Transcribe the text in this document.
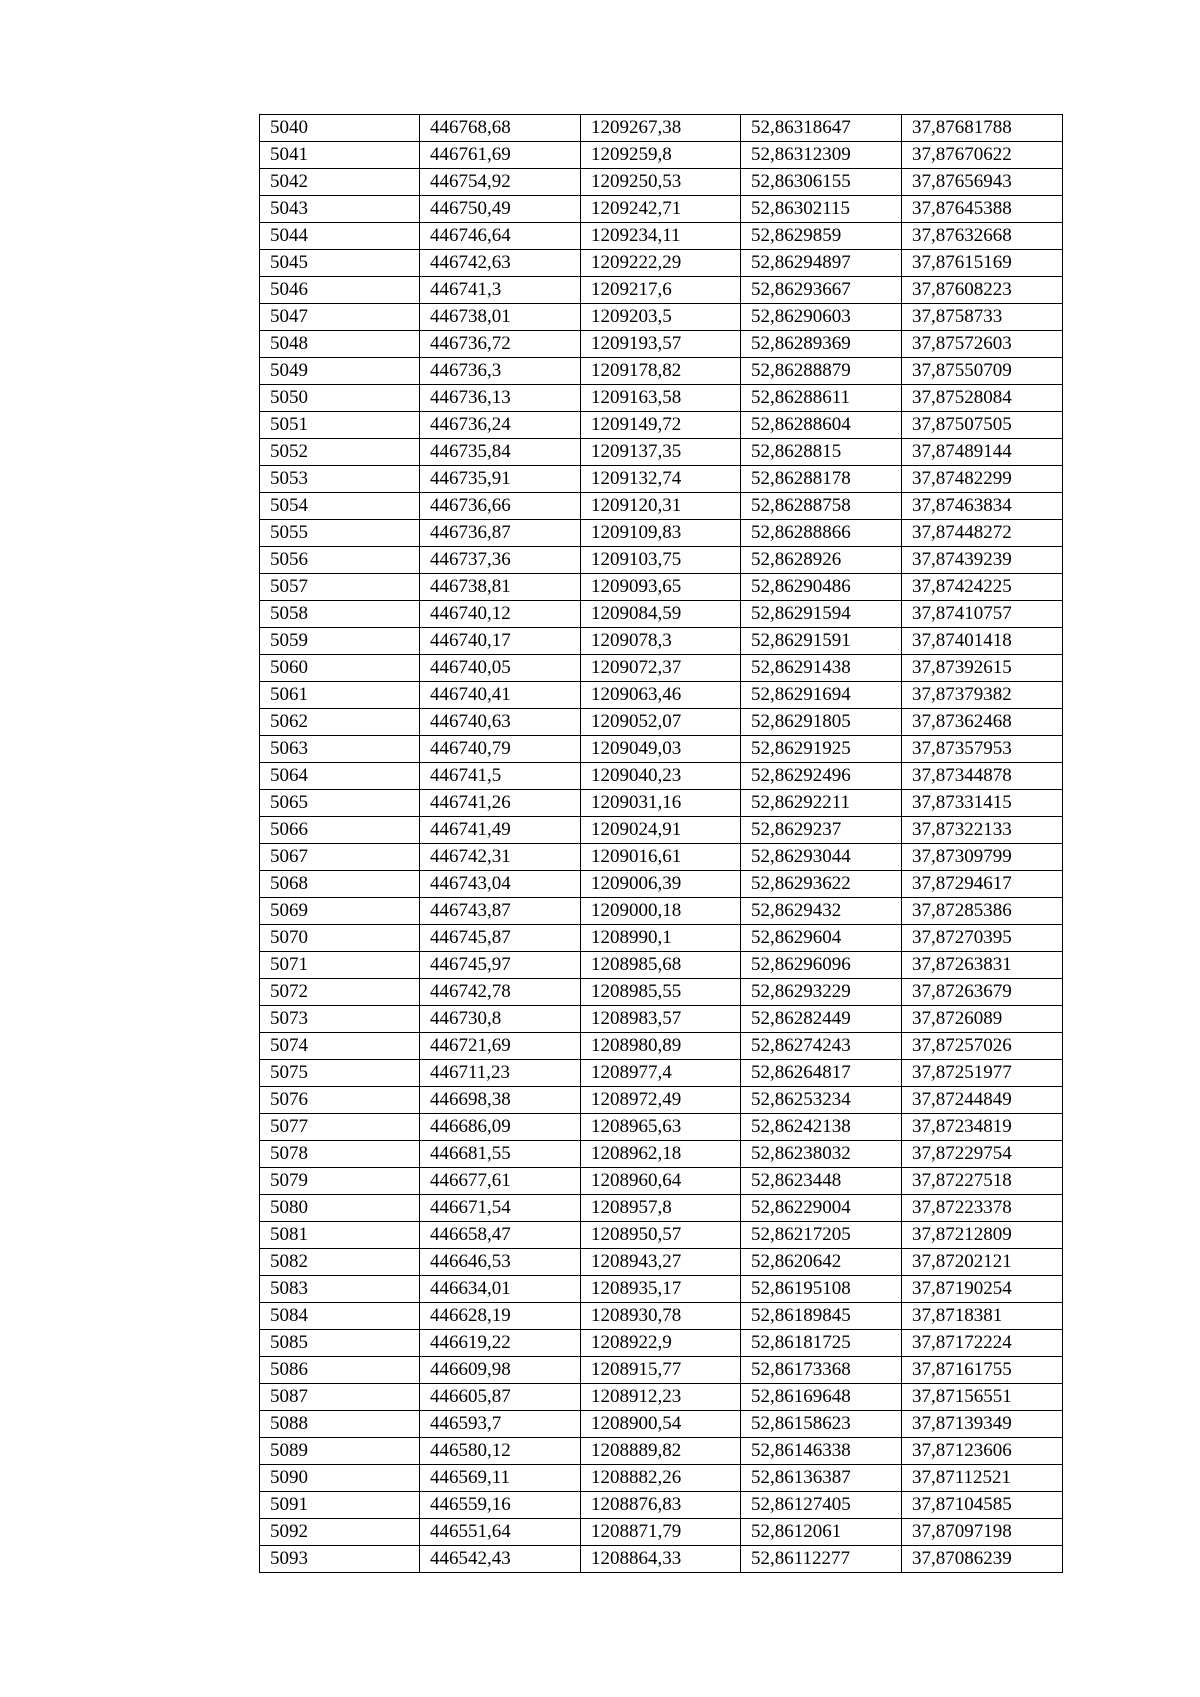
5040	446768,68	1209267,38	52,86318647	37,87681788
5041	446761,69	1209259,8	52,86312309	37,87670622
5042	446754,92	1209250,53	52,86306155	37,87656943
5043	446750,49	1209242,71	52,86302115	37,87645388
5044	446746,64	1209234,11	52,8629859	37,87632668
5045	446742,63	1209222,29	52,86294897	37,87615169
5046	446741,3	1209217,6	52,86293667	37,87608223
5047	446738,01	1209203,5	52,86290603	37,8758733
5048	446736,72	1209193,57	52,86289369	37,87572603
5049	446736,3	1209178,82	52,86288879	37,87550709
5050	446736,13	1209163,58	52,86288611	37,87528084
5051	446736,24	1209149,72	52,86288604	37,87507505
5052	446735,84	1209137,35	52,8628815	37,87489144
5053	446735,91	1209132,74	52,86288178	37,87482299
5054	446736,66	1209120,31	52,86288758	37,87463834
5055	446736,87	1209109,83	52,86288866	37,87448272
5056	446737,36	1209103,75	52,8628926	37,87439239
5057	446738,81	1209093,65	52,86290486	37,87424225
5058	446740,12	1209084,59	52,86291594	37,87410757
5059	446740,17	1209078,3	52,86291591	37,87401418
5060	446740,05	1209072,37	52,86291438	37,87392615
5061	446740,41	1209063,46	52,86291694	37,87379382
5062	446740,63	1209052,07	52,86291805	37,87362468
5063	446740,79	1209049,03	52,86291925	37,87357953
5064	446741,5	1209040,23	52,86292496	37,87344878
5065	446741,26	1209031,16	52,86292211	37,87331415
5066	446741,49	1209024,91	52,8629237	37,87322133
5067	446742,31	1209016,61	52,86293044	37,87309799
5068	446743,04	1209006,39	52,86293622	37,87294617
5069	446743,87	1209000,18	52,8629432	37,87285386
5070	446745,87	1208990,1	52,8629604	37,87270395
5071	446745,97	1208985,68	52,86296096	37,87263831
5072	446742,78	1208985,55	52,86293229	37,87263679
5073	446730,8	1208983,57	52,86282449	37,8726089
5074	446721,69	1208980,89	52,86274243	37,87257026
5075	446711,23	1208977,4	52,86264817	37,87251977
5076	446698,38	1208972,49	52,86253234	37,87244849
5077	446686,09	1208965,63	52,86242138	37,87234819
5078	446681,55	1208962,18	52,86238032	37,87229754
5079	446677,61	1208960,64	52,8623448	37,87227518
5080	446671,54	1208957,8	52,86229004	37,87223378
5081	446658,47	1208950,57	52,86217205	37,87212809
5082	446646,53	1208943,27	52,8620642	37,87202121
5083	446634,01	1208935,17	52,86195108	37,87190254
5084	446628,19	1208930,78	52,86189845	37,8718381
5085	446619,22	1208922,9	52,86181725	37,87172224
5086	446609,98	1208915,77	52,86173368	37,87161755
5087	446605,87	1208912,23	52,86169648	37,87156551
5088	446593,7	1208900,54	52,86158623	37,87139349
5089	446580,12	1208889,82	52,86146338	37,87123606
5090	446569,11	1208882,26	52,86136387	37,87112521
5091	446559,16	1208876,83	52,86127405	37,87104585
5092	446551,64	1208871,79	52,8612061	37,87097198
5093	446542,43	1208864,33	52,86112277	37,87086239
